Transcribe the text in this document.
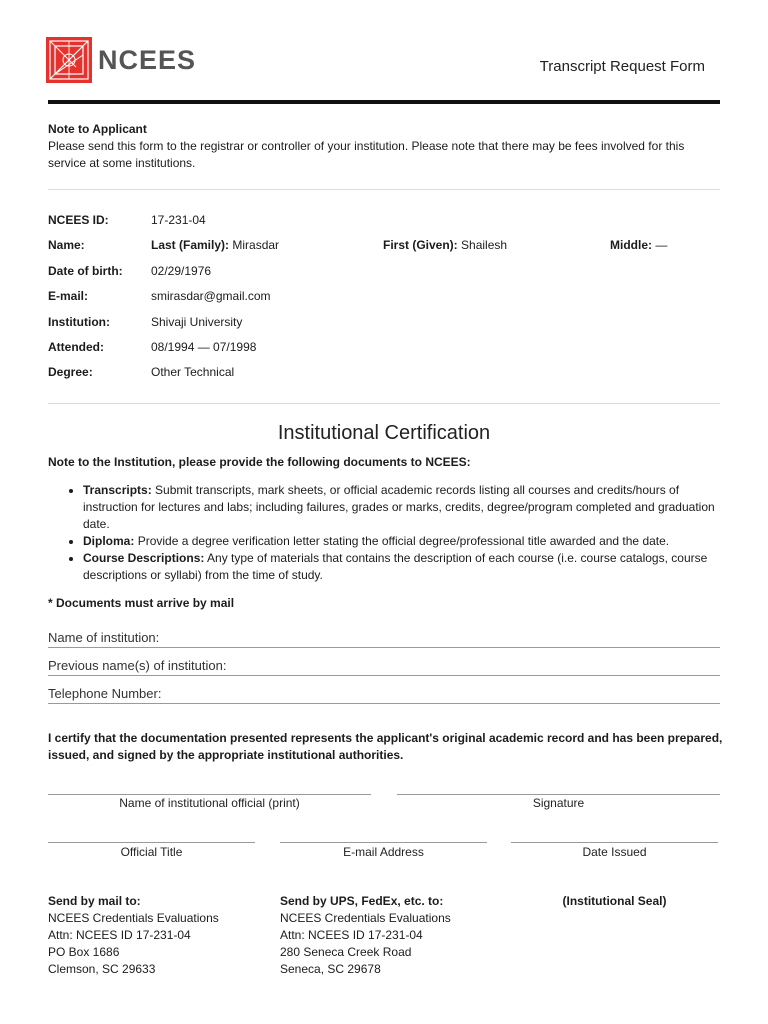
NCEES	Transcript Request Form
Note to Applicant
Please send this form to the registrar or controller of your institution. Please note that there may be fees involved for this service at some institutions.
NCEES ID:	17-231-04
Name:	Last (Family): Mirasdar	First (Given): Shailesh	Middle: —
Date of birth: 02/29/1976
E-mail:	smirasdar@gmail.com
Institution:	Shivaji University
Attended:	08/1994 — 07/1998
Degree:	Other Technical
Institutional Certification
Note to the Institution, please provide the following documents to NCEES:
Transcripts: Submit transcripts, mark sheets, or official academic records listing all courses and credits/hours of instruction for lectures and labs; including failures, grades or marks, credits, degree/program completed and graduation date.
Diploma: Provide a degree verification letter stating the official degree/professional title awarded and the date.
Course Descriptions: Any type of materials that contains the description of each course (i.e. course catalogs, course descriptions or syllabi) from the time of study.
* Documents must arrive by mail
Name of institution:
Previous name(s) of institution:
Telephone Number:
I certify that the documentation presented represents the applicant's original academic record and has been prepared, issued, and signed by the appropriate institutional authorities.
Name of institutional official (print)	Signature
Official Title	E-mail Address	Date Issued
Send by mail to:
NCEES Credentials Evaluations
Attn: NCEES ID 17-231-04
PO Box 1686
Clemson, SC 29633
Send by UPS, FedEx, etc. to:
NCEES Credentials Evaluations
Attn: NCEES ID 17-231-04
280 Seneca Creek Road
Seneca, SC 29678
(Institutional Seal)
